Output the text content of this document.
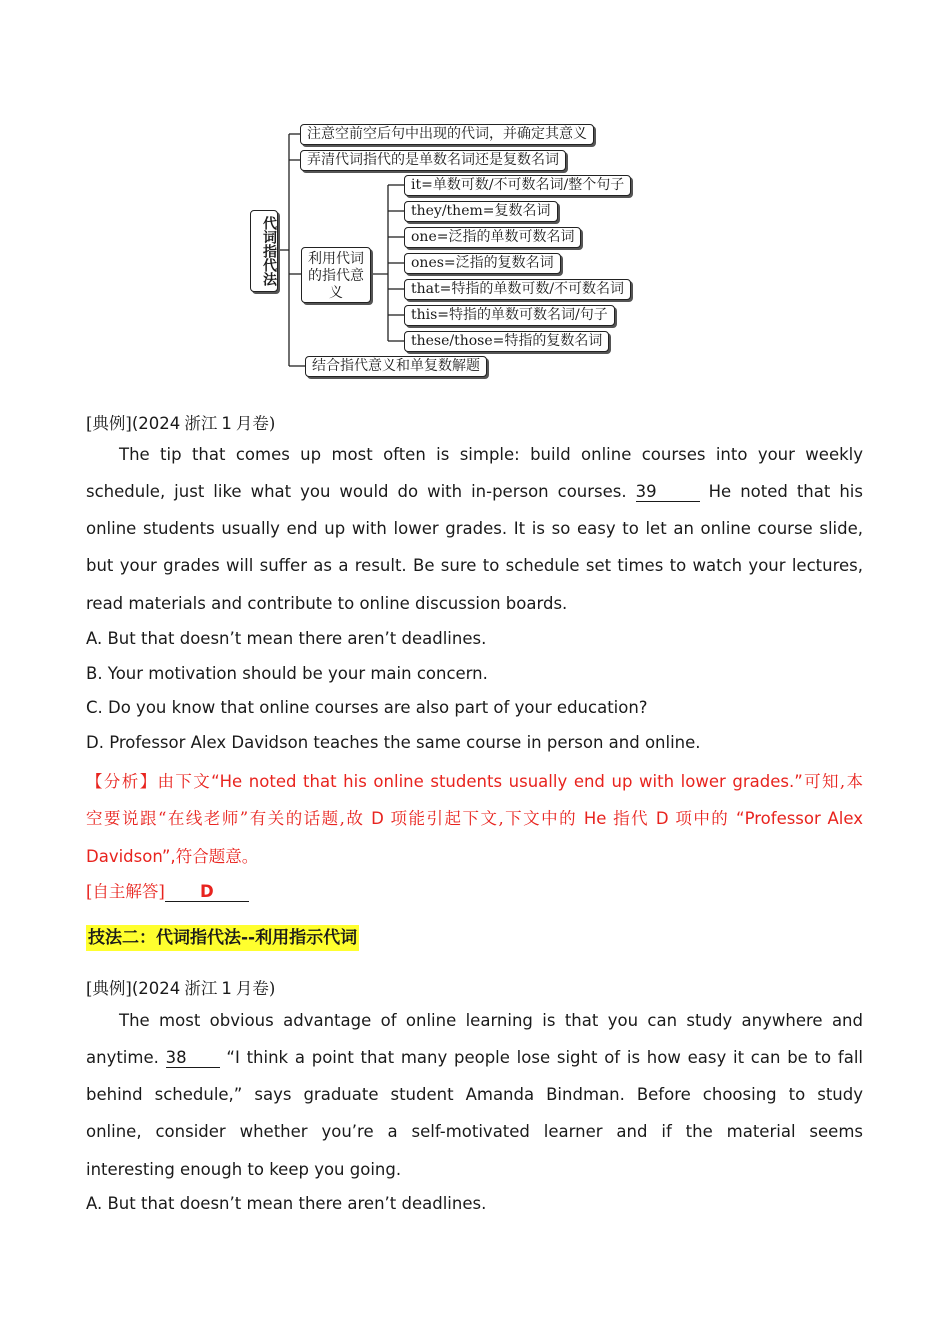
代词指代法
注意空前空后句中出现的代词，并确定其意义
弄清代词指代的是单数名词还是复数名词
利用代词的指代意义
it=单数可数/不可数名词/整个句子
they/them=复数名词
one=泛指的单数可数名词
ones=泛指的复数名词
that=特指的单数可数/不可数名词
this=特指的单数可数名词/句子
these/those=特指的复数名词
结合指代意义和单复数解题
[典例](2024 浙江 1 月卷)
The tip that comes up most often is simple: build online courses into your weekly
schedule, just like what you would do with in-person courses. 39	He noted that his
online students usually end up with lower grades. It is so easy to let an online course slide,
but your grades will suffer as a result. Be sure to schedule set times to watch your lectures,
read materials and contribute to online discussion boards.
A. But that doesn’t mean there aren’t deadlines.
B. Your motivation should be your main concern.
C. Do you know that online courses are also part of your education?
D. Professor Alex Davidson teaches the same course in person and online.
【分析】由下文“He noted that his online students usually end up with lower grades.”可知,本
空要说跟“在线老师”有关的话题,故 D 项能引起下文,下文中的 He 指代 D 项中的 “Professor Alex
Davidson”,符合题意。
[自主解答] D
技法二：代词指代法--利用指示代词
[典例](2024 浙江 1 月卷)
The most obvious advantage of online learning is that you can study anywhere and
anytime. 38 “I think a point that many people lose sight of is how easy it can be to fall
behind schedule,” says graduate student Amanda Bindman. Before choosing to study
online, consider whether you’re a self-motivated learner and if the material seems
interesting enough to keep you going.
A. But that doesn’t mean there aren’t deadlines.
